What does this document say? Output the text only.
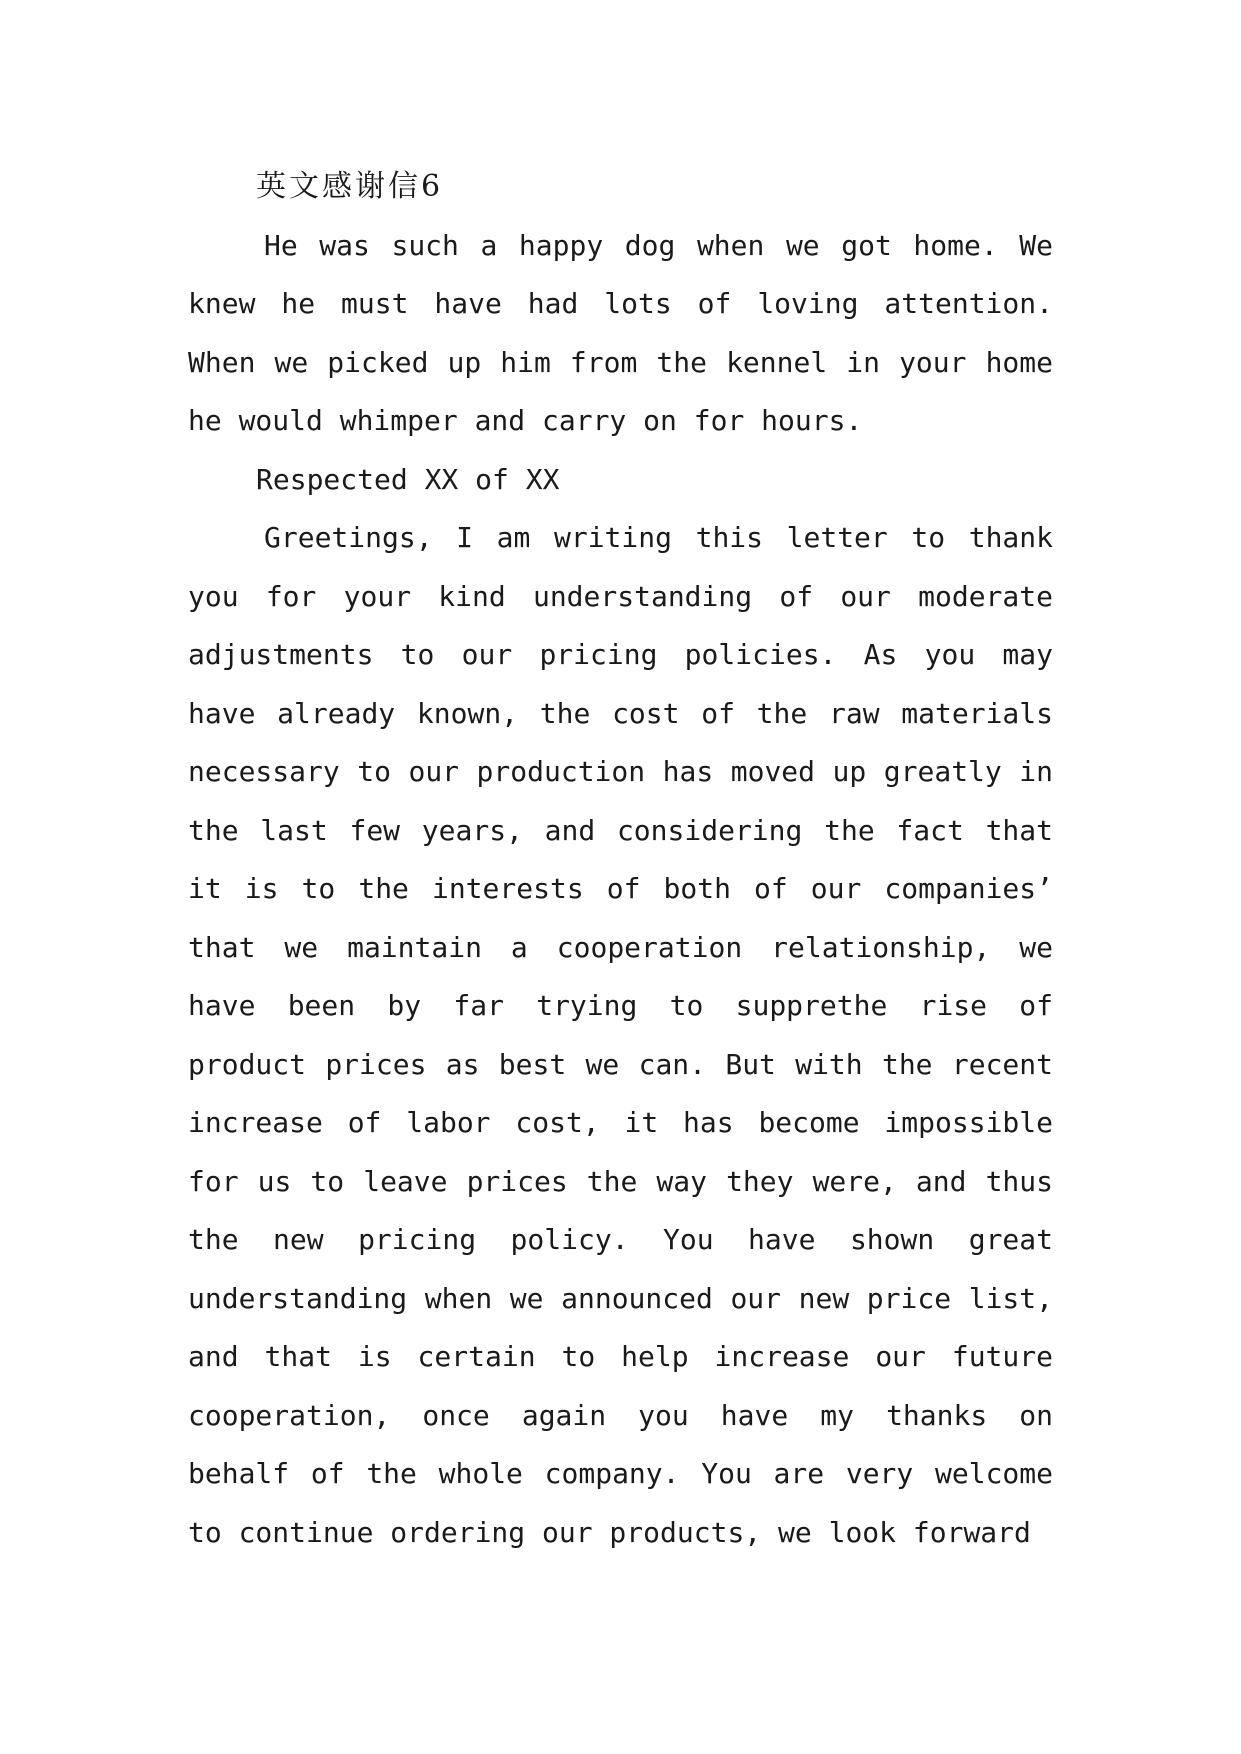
英文感谢信6

He was such a happy dog when we got home. We knew he must have had lots of loving attention. When we picked up him from the kennel in your home he would whimper and carry on for hours.

Respected XX of XX

Greetings, I am writing this letter to thank you for your kind understanding of our moderate adjustments to our pricing policies. As you may have already known, the cost of the raw materials necessary to our production has moved up greatly in the last few years, and considering the fact that it is to the interests of both of our companies’ that we maintain a cooperation relationship, we have been by far trying to supprethe rise of product prices as best we can. But with the recent increase of labor cost, it has become impossible for us to leave prices the way they were, and thus the new pricing policy. You have shown great understanding when we announced our new price list, and that is certain to help increase our future cooperation, once again you have my thanks on behalf of the whole company. You are very welcome to continue ordering our products, we look forward
